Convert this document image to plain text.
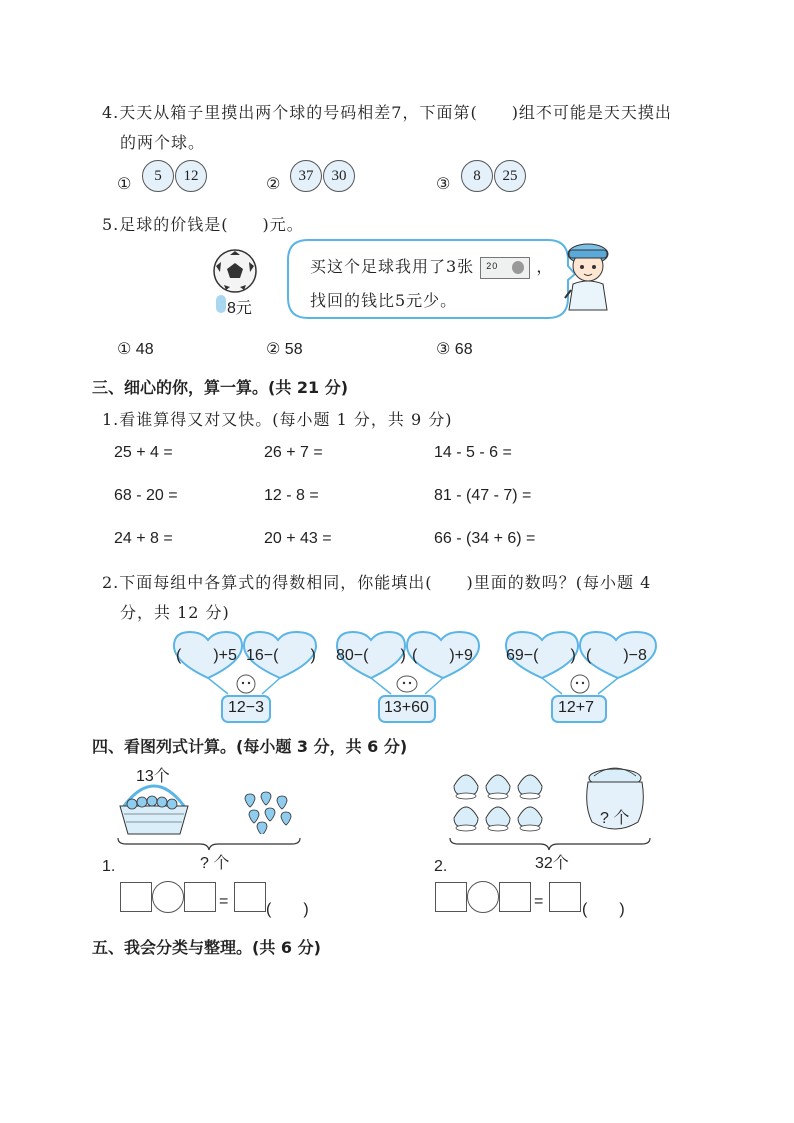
4.天天从箱子里摸出两个球的号码相差7，下面第(　　)组不可能是天天摸出
的两个球。
①
5	12
②
37	30
③
8	25
5.足球的价钱是(　　)元。
8元
买这个足球我用了3张 20 ，
找回的钱比5元少。
① 48	② 58	③ 68
三、细心的你，算一算。(共 21 分)
1.看谁算得又对又快。(每小题 1 分，共 9 分)
25 + 4 =	26 + 7 =	14 - 5 - 6 =
68 - 20 =	12 - 8 =	81 - (47 - 7) =
24 + 8 =	20 + 43 =	66 - (34 + 6) =
2.下面每组中各算式的得数相同，你能填出(　　)里面的数吗？(每小题 4
分，共 12 分)
(　　)+5 16−(　　)
12−3
80−(　　) (　　)+9
13+60
69−(　　) (　　)−8
12+7
四、看图列式计算。(每小题 3 分，共 6 分)
13个
? 个
1.
= (　　)
? 个
32个
2.
= (　　)
五、我会分类与整理。(共 6 分)
